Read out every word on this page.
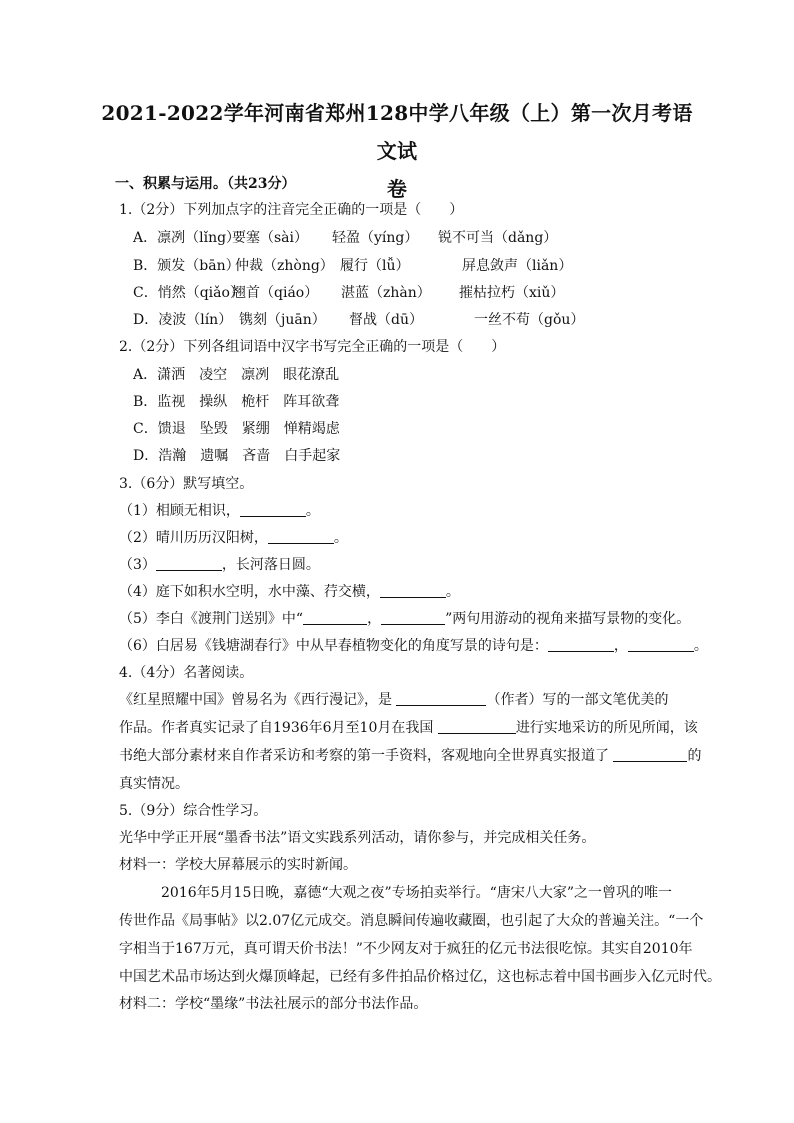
2021-2022学年河南省郑州128中学八年级（上）第一次月考语文试
卷
一、积累与运用。（共23分）
1.（2分）下列加点字的注音完全正确的一项是（　　）
A．凛冽（lǐng）
要塞（sài） 轻盈（yíng） 锐不可当（dǎng）
B．颁发（bān）
仲裁（zhòng） 履行（lǚ）	屏息敛声（liǎn）
C．悄然（qiǎo）
翘首（qiáo） 湛蓝（zhàn） 摧枯拉朽（xiǔ）
D．凌波（lín） 镌刻（juān） 督战（dū）	一丝不苟（gǒu）
2.（2分）下列各组词语中汉字书写完全正确的一项是（　　）
A．潇洒　凌空　凛冽　眼花潦乱
B．监视　操纵　桅杆　阵耳欲聋
C．馈退　坠毁　紧绷　惮精竭虑
D．浩瀚　遗嘱　吝啬　白手起家
3.（6分）默写填空。
（1）相顾无相识，	。
（2）晴川历历汉阳树，	。
（3）	，长河落日圆。
（4）庭下如积水空明，水中藻、荇交横，	。
（5）李白《渡荆门送别》中“	，	”两句用游动的视角来描写景物的变化。
（6）白居易《钱塘湖春行》中从早春植物变化的角度写景的诗句是：	，	。
4.（4分）名著阅读。
《红星照耀中国》曾易名为《西行漫记》，是	（作者）写的一部文笔优美的
作品。作者真实记录了自1936年6月至10月在我国	进行实地采访的所见所闻，该
书绝大部分素材来自作者采访和考察的第一手资料，客观地向全世界真实报道了	的
真实情况。
5.（9分）综合性学习。
光华中学正开展“墨香书法”语文实践系列活动，请你参与，并完成相关任务。
材料一：学校大屏幕展示的实时新闻。
2016年5月15日晚，嘉德“大观之夜”专场拍卖举行。“唐宋八大家”之一曾巩的唯一
传世作品《局事帖》以2.07亿元成交。消息瞬间传遍收藏圈，也引起了大众的普遍关注。“一个
字相当于167万元，真可谓天价书法！”不少网友对于疯狂的亿元书法很吃惊。其实自2010年
中国艺术品市场达到火爆顶峰起，已经有多件拍品价格过亿，这也标志着中国书画步入亿元时代。
材料二：学校“墨缘”书法社展示的部分书法作品。
